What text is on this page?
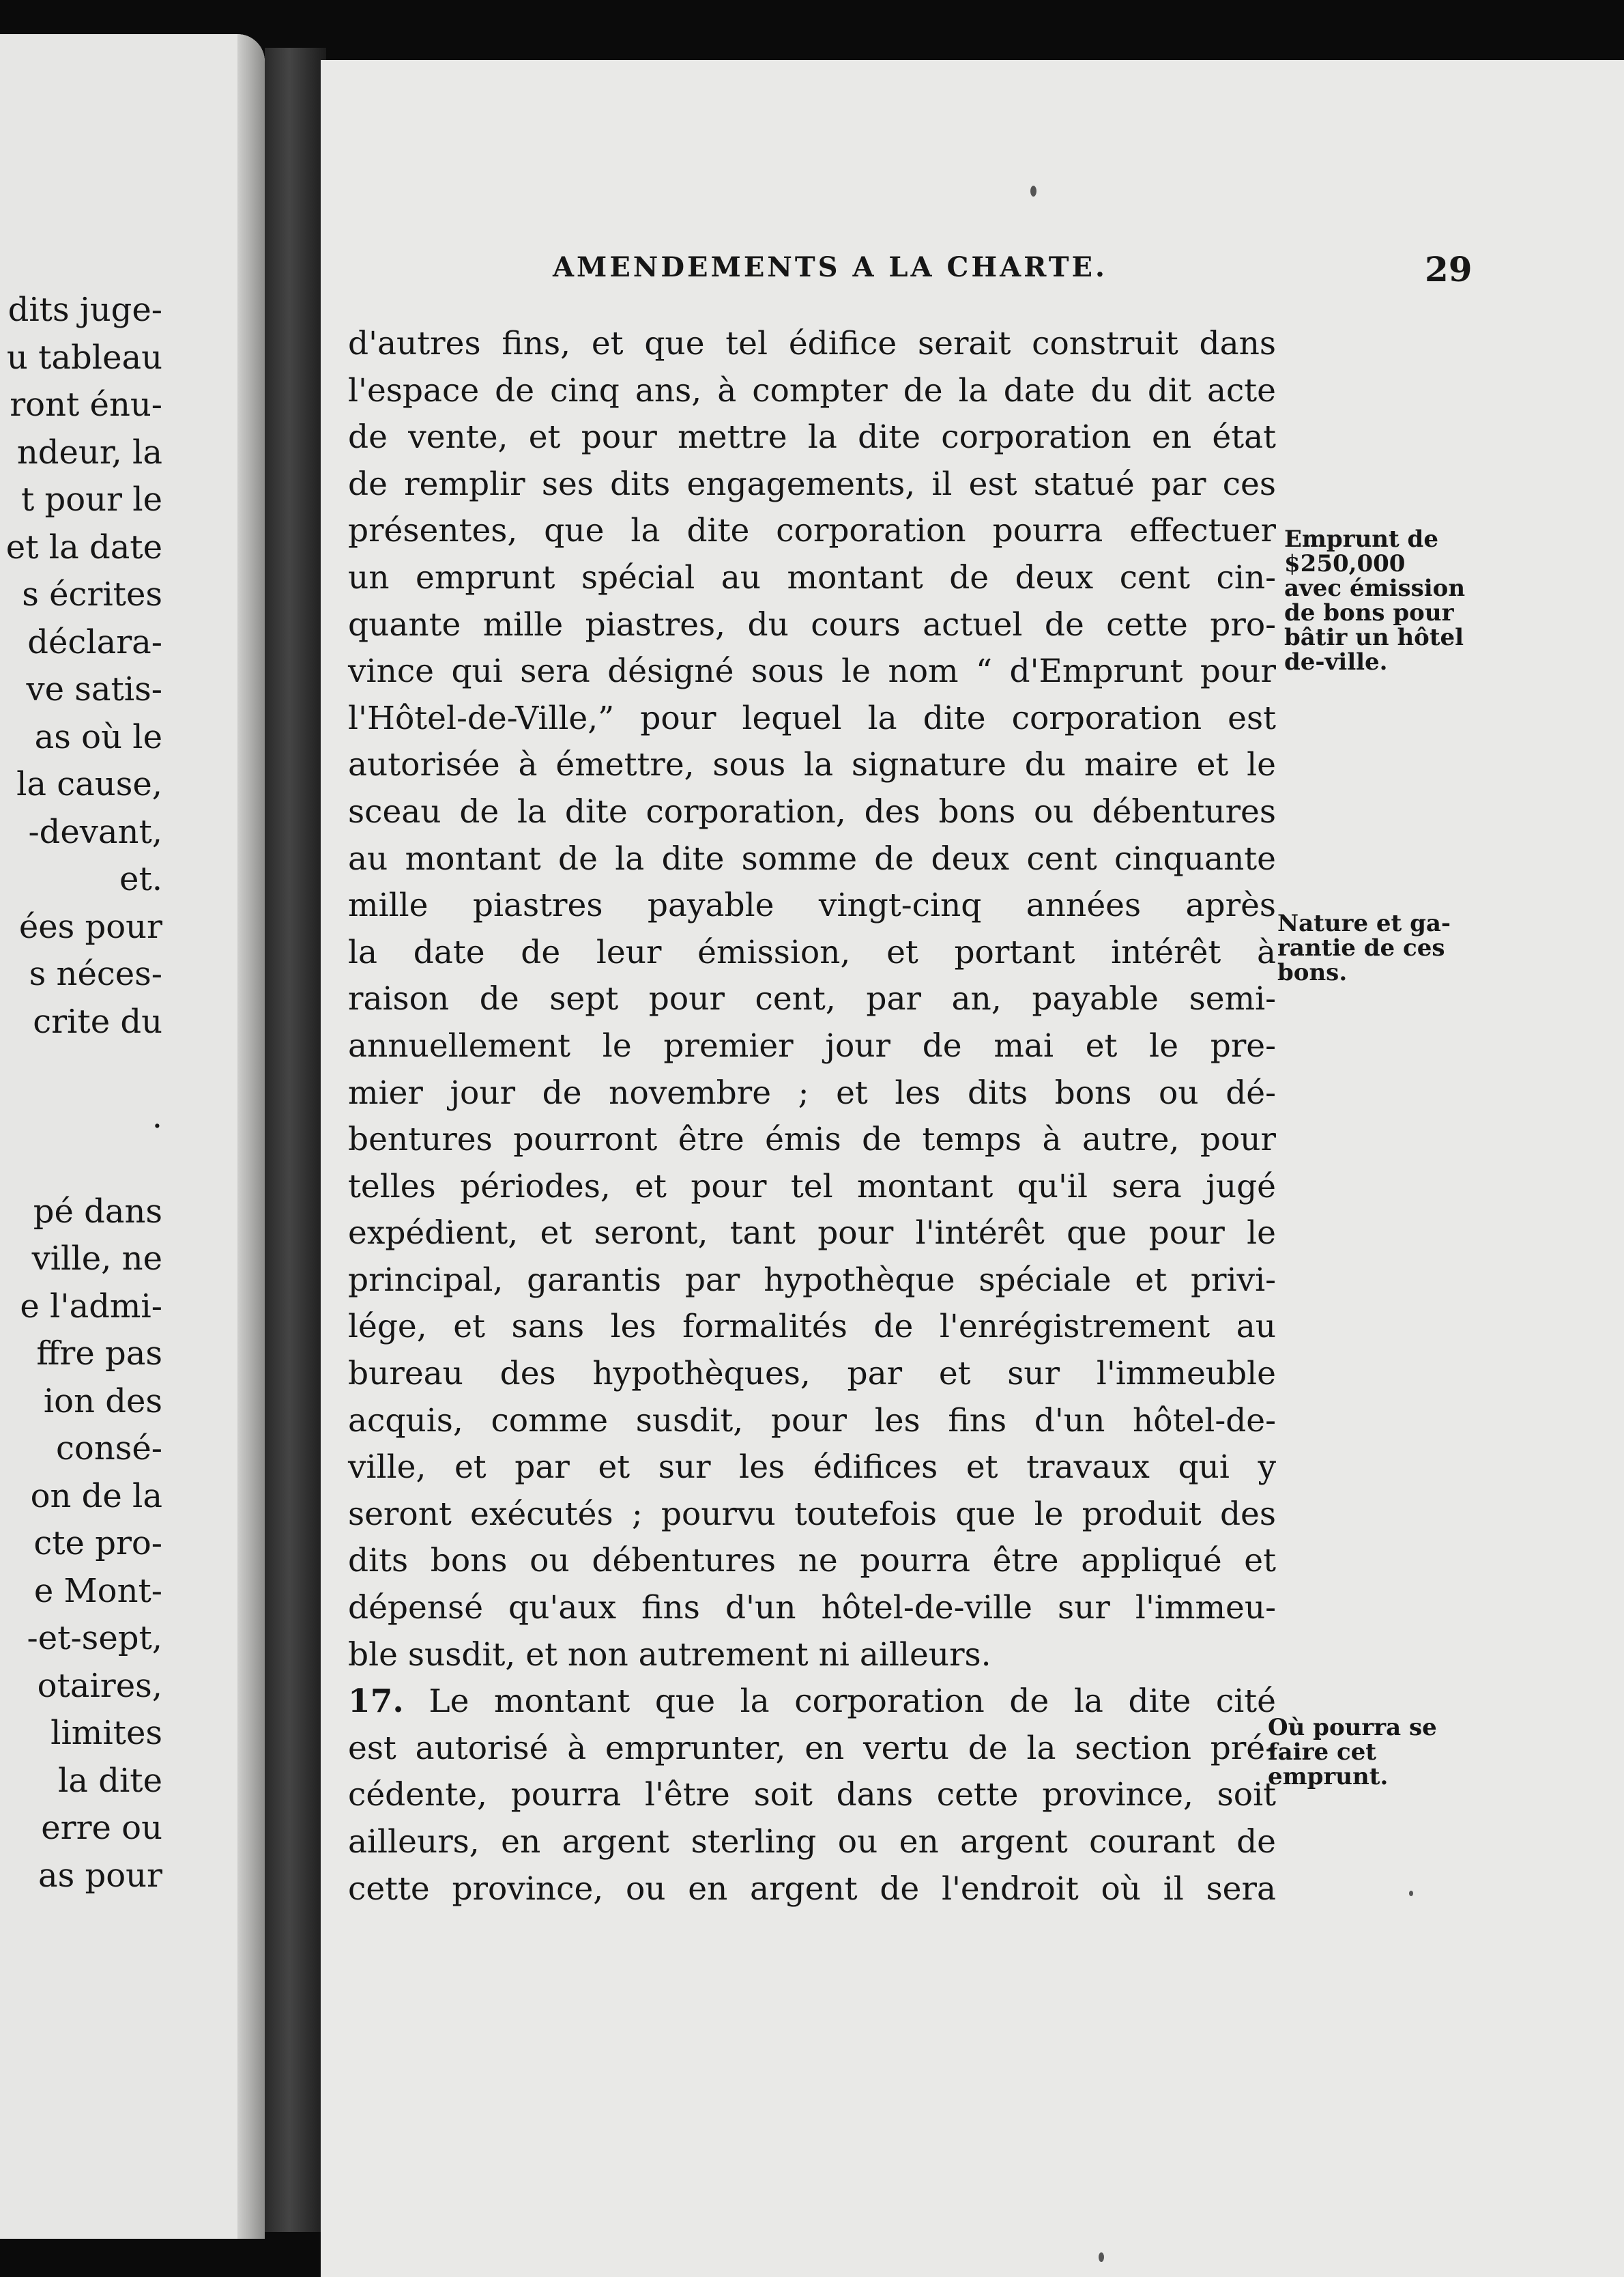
dits juge-
u tableau
ront énu-
ndeur, la
t pour le
et la date
s écrites
déclara-
ve satis-
as où le
la cause,
-devant,
et.
ées pour
s néces-
crite du
.
pé dans
ville, ne
e l'admi-
ffre pas
ion des
consé-
on de la
cte pro-
e Mont-
-et-sept,
otaires,
limites
la dite
erre ou
as pour
AMENDEMENTS A LA CHARTE.	29
d'autres fins, et que tel édifice serait construit dans
l'espace de cinq ans, à compter de la date du dit acte
de vente, et pour mettre la dite corporation en état
de remplir ses dits engagements, il est statué par ces
présentes, que la dite corporation pourra effectuer
un emprunt spécial au montant de deux cent cin-
quante mille piastres, du cours actuel de cette pro-
vince qui sera désigné sous le nom “ d'Emprunt pour
l'Hôtel-de-Ville,” pour lequel la dite corporation est
autorisée à émettre, sous la signature du maire et le
sceau de la dite corporation, des bons ou débentures
au montant de la dite somme de deux cent cinquante
mille piastres payable vingt-cinq années après
la date de leur émission, et portant intérêt à
raison de sept pour cent, par an, payable semi-
annuellement le premier jour de mai et le pre-
mier jour de novembre ; et les dits bons ou dé-
bentures pourront être émis de temps à autre, pour
telles périodes, et pour tel montant qu'il sera jugé
expédient, et seront, tant pour l'intérêt que pour le
principal, garantis par hypothèque spéciale et privi-
lége, et sans les formalités de l'enrégistrement au
bureau des hypothèques, par et sur l'immeuble
acquis, comme susdit, pour les fins d'un hôtel-de-
ville, et par et sur les édifices et travaux qui y
seront exécutés ; pourvu toutefois que le produit des
dits bons ou débentures ne pourra être appliqué et
dépensé qu'aux fins d'un hôtel-de-ville sur l'immeu-
ble susdit, et non autrement ni ailleurs.
17. Le montant que la corporation de la dite cité
est autorisé à emprunter, en vertu de la section pré-
cédente, pourra l'être soit dans cette province, soit
ailleurs, en argent sterling ou en argent courant de
cette province, ou en argent de l'endroit où il sera
Emprunt de
$250,000
avec émission
de bons pour
bâtir un hôtel
de-ville.
Nature et ga-
rantie de ces
bons.
Où pourra se
faire cet
emprunt.
